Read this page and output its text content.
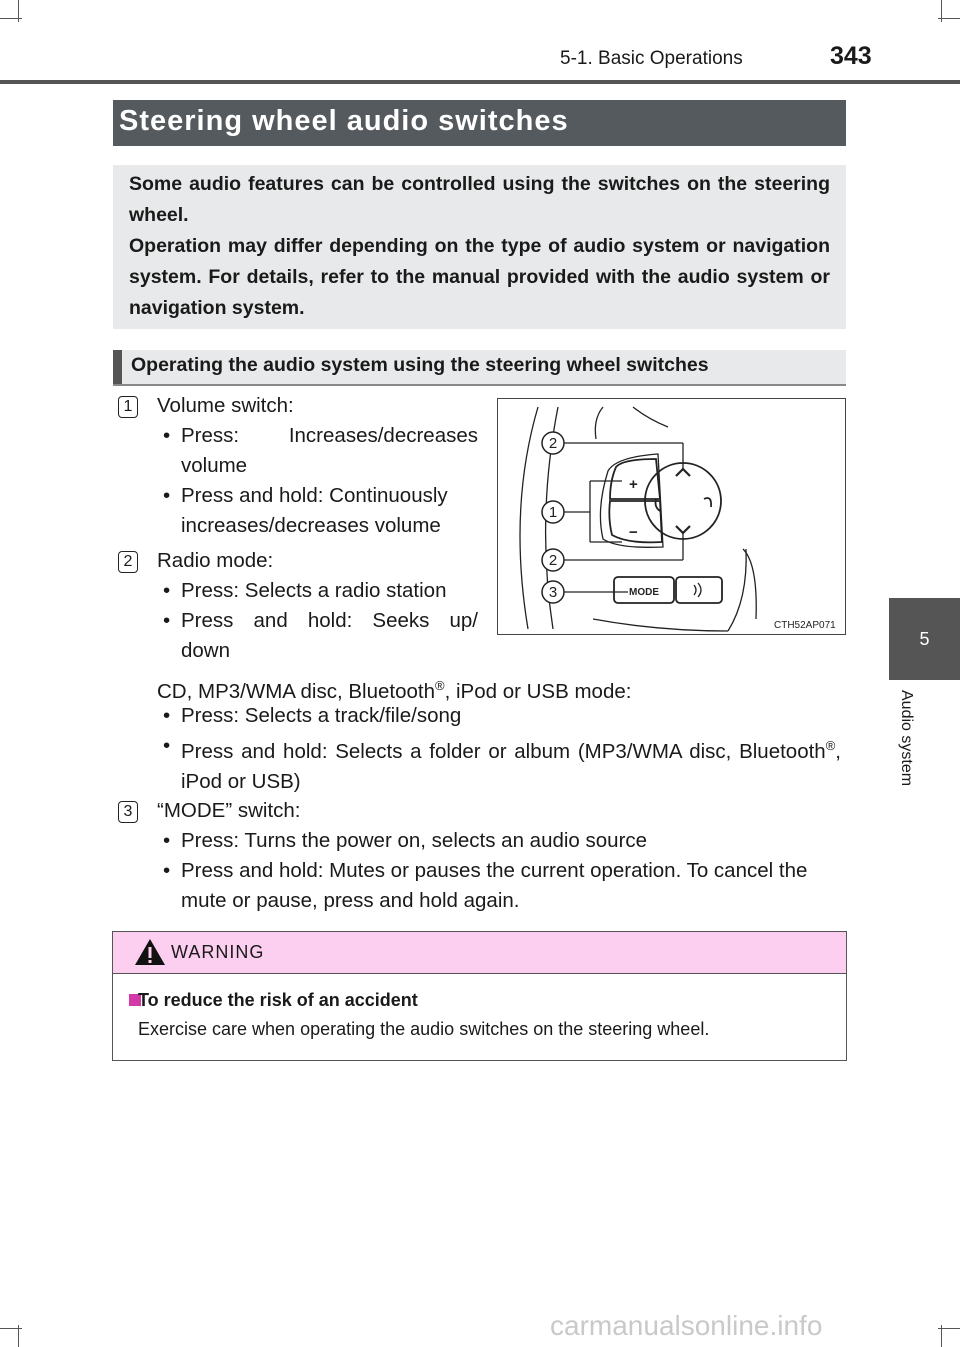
5-1. Basic Operations	343
5
Audio system
Steering wheel audio switches
Some audio features can be controlled using the switches on the steering wheel.
Operation may differ depending on the type of audio system or navigation system. For details, refer to the manual provided with the audio system or navigation system.
Operating the audio system using the steering wheel switches
1 Volume switch:
• Press:   Increases/decreases volume
• Press and hold: Continuously increases/decreases volume
2 Radio mode:
• Press: Selects a radio station
• Press and hold: Seeks up/ down
CD, MP3/WMA disc, Bluetooth®, iPod or USB mode:
• Press: Selects a track/file/song
• Press and hold: Selects a folder or album (MP3/WMA disc, Bluetooth®, iPod or USB)
3 “MODE” switch:
• Press: Turns the power on, selects an audio source
• Press and hold: Mutes or pauses the current operation. To cancel the mute or pause, press and hold again.
2
1
2
3
+
−
MODE
CTH52AP071
WARNING
To reduce the risk of an accident
Exercise care when operating the audio switches on the steering wheel.
carmanualsonline.info
